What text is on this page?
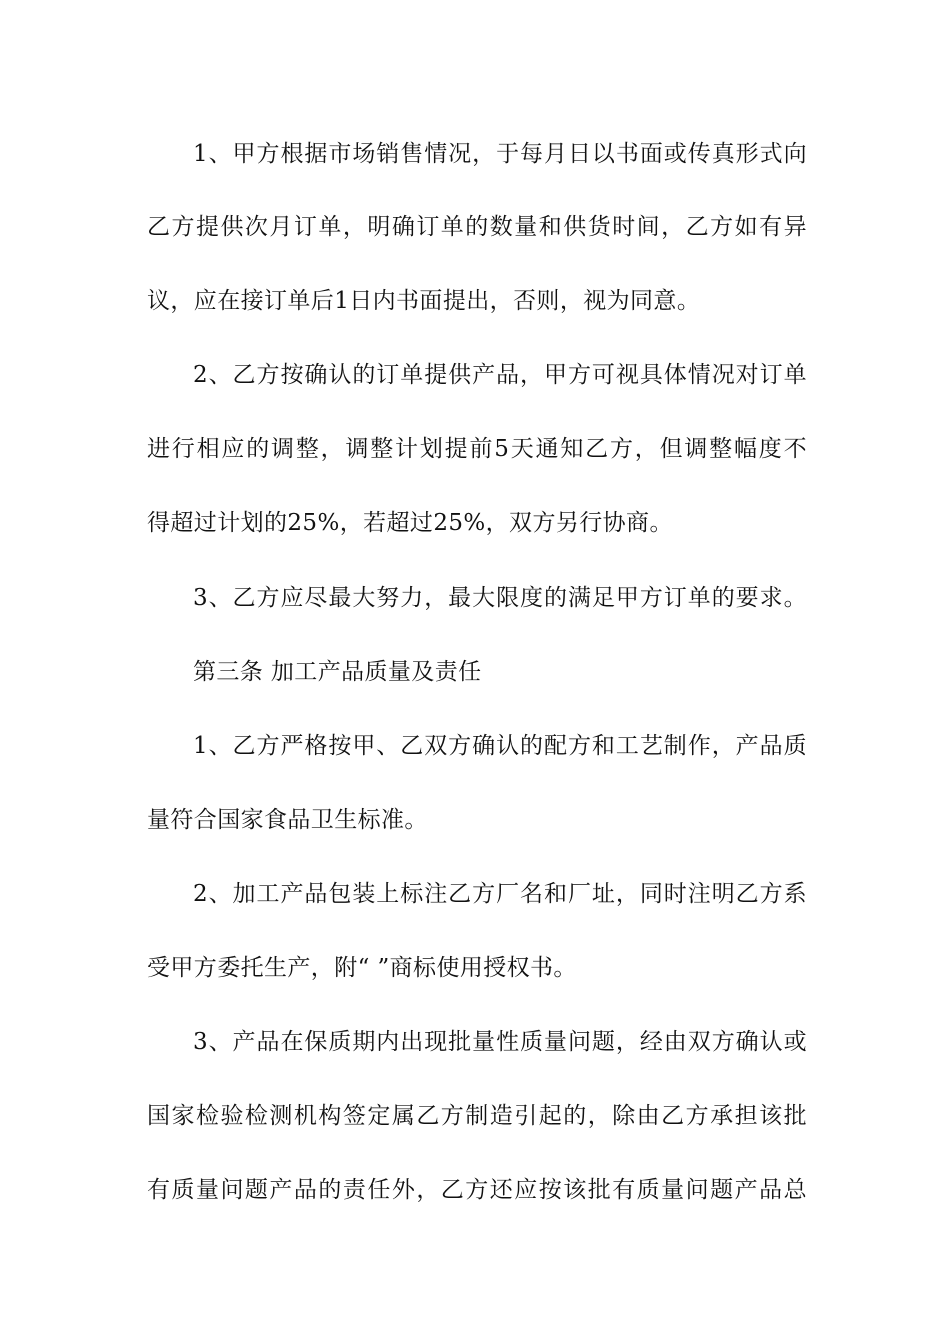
1、甲方根据市场销售情况，于每月日以书面或传真形式向
乙方提供次月订单，明确订单的数量和供货时间，乙方如有异
议，应在接订单后1日内书面提出，否则，视为同意。
2、乙方按确认的订单提供产品，甲方可视具体情况对订单
进行相应的调整，调整计划提前5天通知乙方，但调整幅度不
得超过计划的25%，若超过25%，双方另行协商。
3、乙方应尽最大努力，最大限度的满足甲方订单的要求。
第三条 加工产品质量及责任
1、乙方严格按甲、乙双方确认的配方和工艺制作，产品质
量符合国家食品卫生标准。
2、加工产品包装上标注乙方厂名和厂址，同时注明乙方系
受甲方委托生产，附“ ”商标使用授权书。
3、产品在保质期内出现批量性质量问题，经由双方确认或
国家检验检测机构签定属乙方制造引起的，除由乙方承担该批
有质量问题产品的责任外，乙方还应按该批有质量问题产品总
